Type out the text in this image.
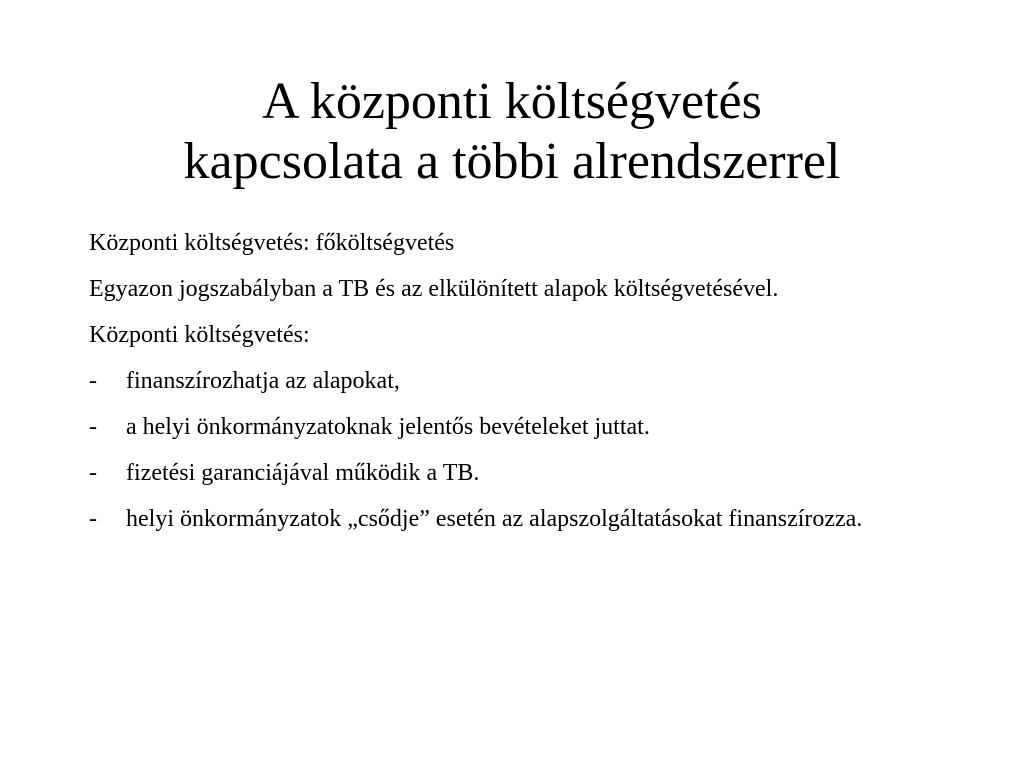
A központi költségvetés
kapcsolata a többi alrendszerrel
Központi költségvetés: főköltségvetés
Egyazon jogszabályban a TB és az elkülönített alapok költségvetésével.
Központi költségvetés:
-	finanszírozhatja az alapokat,
-	a helyi önkormányzatoknak jelentős bevételeket juttat.
-	fizetési garanciájával működik a TB.
-	helyi önkormányzatok „csődje” esetén az alapszolgáltatásokat finanszírozza.
